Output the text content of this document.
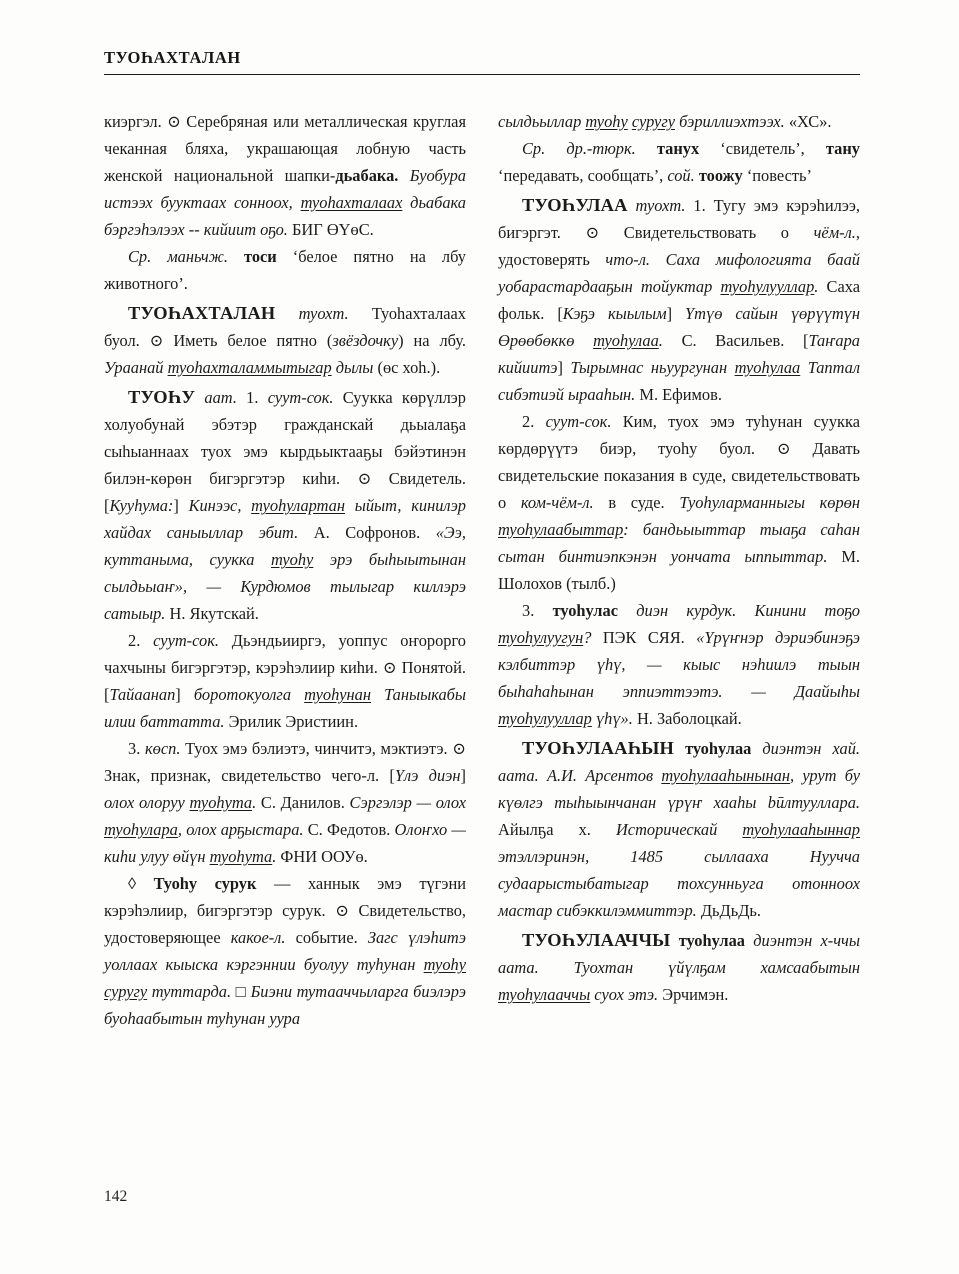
ТУОҺАХТАЛАН

киэргэл. ⊙ Серебряная или металлическая круглая чеканная бляха, украшающая лобную часть женской национальной шапки-дьабака. Буобура истээх бууктаах сонноох, туоһахталаах дьабака бэргэһэлээх -- кийиит оҕо. БИГ ӨҮөС.

Ср. маньчж. тоси ‘белое пятно на лбу животного’.

ТУОҺАХТАЛАН туохт. Туоһахталаах буол. ⊙ Иметь белое пятно (звёздочку) на лбу. Ураанай туоһахталаммытыгар дылы (өс хоһ.).

ТУОҺУ аат. 1. суут-сок. Суукка көрүллэр холуобунай эбэтэр гражданскай дьыалаҕа сыһыаннаах туох эмэ кырдьыктааҕы бэйэтинэн билэн-көрөн бигэргэтэр киһи. ⊙ Свидетель. [Кууһума:] Кинээс, туоһулартан ыйыт, кинилэр хайдах саныыллар эбит. А. Софронов. «Ээ, куттаныма, суукка туоһу эрэ быһыытынан сылдьыаҥ», — Курдюмов тылыгар киллэрэ сатыыр. Н. Якутскай.

2. суут-сок. Дьэндьииргэ, уоппус оҥорорго чахчыны бигэргэтэр, кэрэһэлиир киһи. ⊙ Понятой. [Тайаанап] боротокуолга туоһунан Таныыкабы илии баттатта. Эрилик Эристиин.

3. көсп. Туох эмэ бэлиэтэ, чинчитэ, мэктиэтэ. ⊙ Знак, признак, свидетельство чего-л. [Үлэ диэн] олох олоруу туоһута. С. Данилов. Сэргэлэр — олох туоһулара, олох арҕыстара. С. Федотов. Олоҥхо — киһи улуу өйүн туоһута. ФНИ ООУө.

◊ Туоһу сурук — ханнык эмэ түгэни кэрэһэлиир, бигэргэтэр сурук. ⊙ Свидетельство, удостоверяющее какое-л. событие. Загс үлэһитэ уоллаах кыыска кэргэннии буолуу туһунан туоһу суругу туттарда. □ Биэни тутааччыларга биэлэрэ буоһаабытын туһунан уура

сылдьыллар туоһу суругу бэриллиэхтээх. «ХС».

Ср. др.-тюрк. танух ‘свидетель’, тану ‘передавать, сообщать’, сой. тоожу ‘повесть’

ТУОҺУЛАА туохт. 1. Тугу эмэ кэрэһилээ, бигэргэт. ⊙ Свидетельствовать о чём-л., удостоверять что-л. Саха мифологията баай уобарастардааҕын тойуктар туоһулууллар. Саха фольк. [Кэҕэ кыылым] Үтүө сайын үөрүүтүн Өрөөбөккө туоһулаа. С. Васильев. [Таҥара кийиитэ] Тырымнас ньуургунан туоһулаа Таптал сибэтиэй ырааһын. М. Ефимов.

2. суут-сок. Ким, туох эмэ туһунан суукка көрдөрүүтэ биэр, туоһу буол. ⊙ Давать свидетельские показания в суде, свидетельствовать о ком-чём-л. в суде. Туоһуларманныгы көрөн туоһулаабыттар: бандьыыттар тыаҕа саһан сытан бинтиэпкэнэн уончата ыппыттар. М. Шолохов (тылб.)

3. туоһулас диэн курдук. Кинини тоҕо туоһулуугун? ПЭК СЯЯ. «Үрүҥнэр дэриэбинэҕэ кэлбиттэр үһү, — кыыс нэһиилэ тыын быһаһаһынан эппиэттээтэ. — Даайыһы туоһулууллар үһү». Н. Заболоцкай.

ТУОҺУЛААҺЫН туоһулаа диэнтэн хай. аата. А.И. Арсентов туоһулааһынынан, урут бу күөлгэ тыһыынчанан үрүҥ хааһы būлтууллара. Айылҕа х. Историческай туоһулааһыннар этэллэринэн, 1485 сыллааха Нуучча судаарыстыбатыгар тохсунньуга отонноох мастар сибэккилэммиттэр. ДьДьДь.

ТУОҺУЛААЧЧЫ туоһулаа диэнтэн х-ччы аата. Туохтан үйүлҕам хамсаабытын туоһулааччы суох этэ. Эрчимэн.

142
